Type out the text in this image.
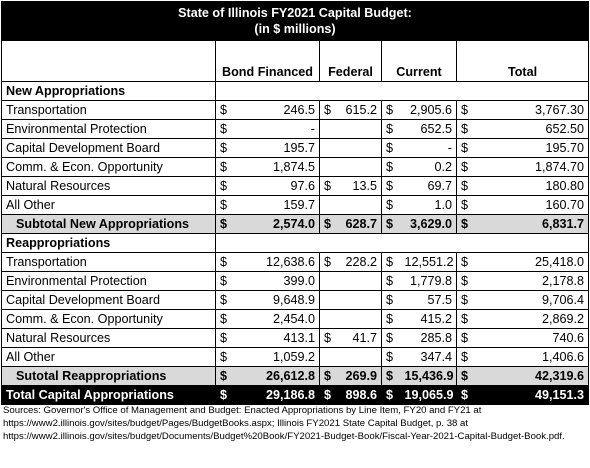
State of Illinois FY2021 Capital Budget:
(in $ millions)								

	Bond Financed		Federal		Current		Total	
New Appropriations								
Transportation	$	246.5	$	615.2	$	2,905.6	$	3,767.30
Environmental Protection	$	-			$	652.5	$	652.50
Capital Development Board	$	195.7			$	-	$	195.70
Comm. & Econ. Opportunity	$	1,874.5			$	0.2	$	1,874.70
Natural Resources	$	97.6	$	13.5	$	69.7	$	180.80
All Other	$	159.7			$	1.0	$	160.70
Subtotal New Appropriations	$	2,574.0	$	628.7	$	3,629.0	$	6,831.7
Reappropriations								
Transportation	$	12,638.6	$	228.2	$	12,551.2	$	25,418.0
Environmental Protection	$	399.0			$	1,779.8	$	2,178.8
Capital Development Board	$	9,648.9			$	57.5	$	9,706.4
Comm. & Econ. Opportunity	$	2,454.0			$	415.2	$	2,869.2
Natural Resources	$	413.1	$	41.7	$	285.8	$	740.6
All Other	$	1,059.2			$	347.4	$	1,406.6
Sutotal Reappropriations	$	26,612.8	$	269.9	$	15,436.9	$	42,319.6
Total Capital Appropriations	$	29,186.8	$	898.6	$	19,065.9	$	49,151.3
Sources: Governor's Office of Management and Budget: Enacted Appropriations by Line Item, FY20 and FY21 at https://www2.illinois.gov/sites/budget/Pages/BudgetBooks.aspx; Illinois FY2021 State Capital Budget, p. 38 at https://www2.illinois.gov/sites/budget/Documents/Budget%20Book/FY2021-Budget-Book/Fiscal-Year-2021-Capital-Budget-Book.pdf.
